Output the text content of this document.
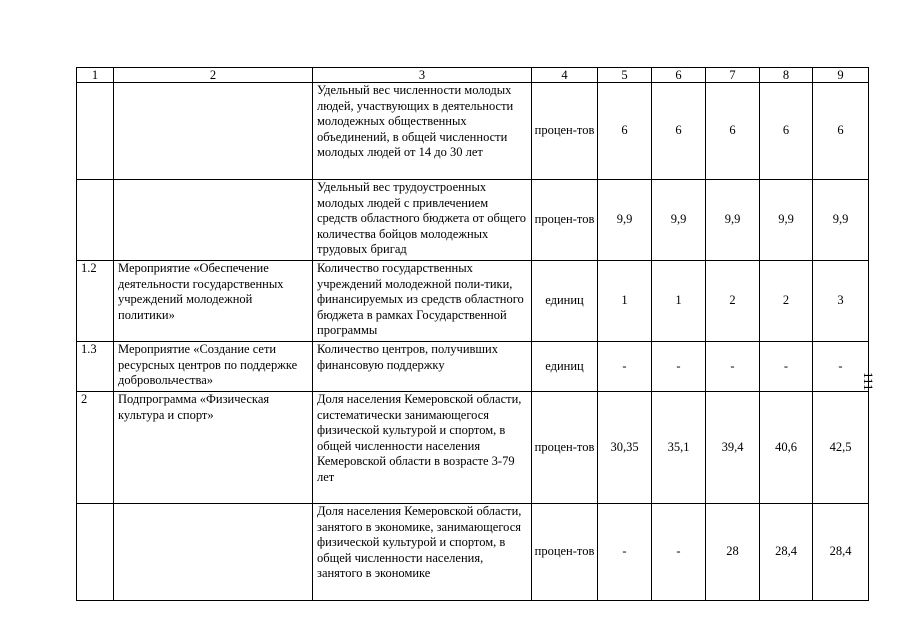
1	2	3	4	5	6	7	8	9
		Удельный вес численности молодых людей, участвующих в деятельности молодежных общественных объединений, в общей численности молодых людей от 14 до 30 лет	процен-тов	6	6	6	6	6
		Удельный вес трудоустроенных молодых людей с привлечением средств областного бюджета от общего количества бойцов молодежных трудовых бригад	процен-тов	9,9	9,9	9,9	9,9	9,9
1.2	Мероприятие «Обеспечение деятельности государственных учреждений молодежной политики»	Количество государственных учреждений молодежной поли-тики, финансируемых из средств областного бюджета в рамках Государственной программы	единиц	1	1	2	2	3
1.3	Мероприятие «Создание сети ресурсных центров по поддержке добровольчества»	Количество центров, получивших финансовую поддержку	единиц	-	-	-	-	-
2	Подпрограмма «Физическая культура и спорт»	Доля населения Кемеровской области, систематически занимающегося физической культурой и спортом, в общей численности населения Кемеровской области в возрасте 3-79 лет	процен-тов	30,35	35,1	39,4	40,6	42,5
		Доля населения Кемеровской области, занятого в экономике, занимающегося физической культурой и спортом, в общей численности населения, занятого в экономике	процен-тов	-	-	28	28,4	28,4
111
